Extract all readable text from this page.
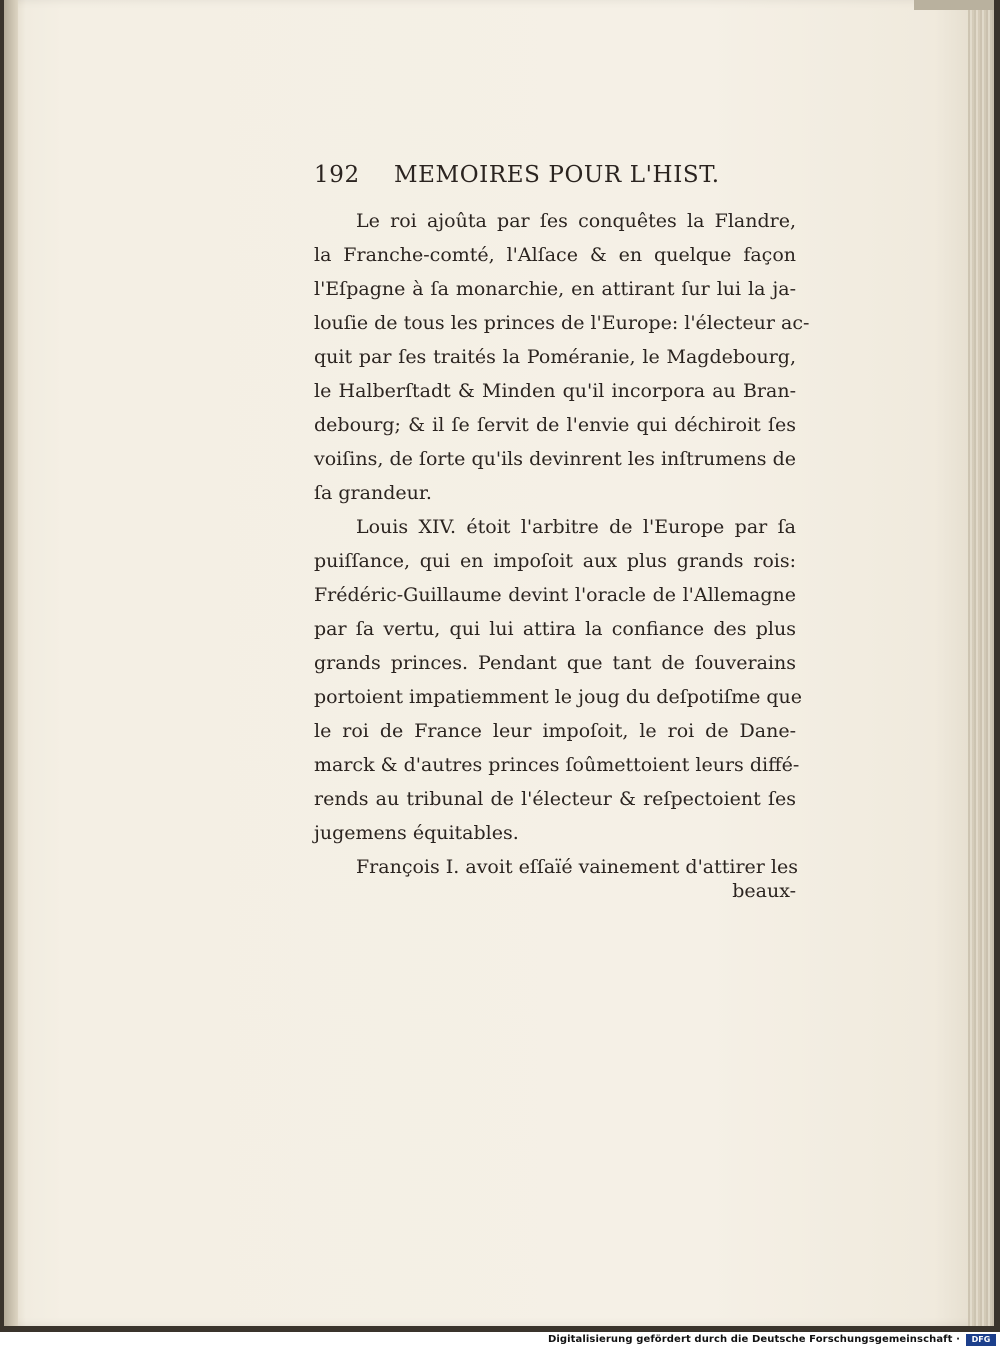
192 MEMOIRES POUR L'HIST.
Le roi ajoûta par ſes conquêtes la Flandre,
la Franche-comté, l'Alſace & en quelque façon
l'Eſpagne à ſa monarchie, en attirant ſur lui la ja-
louſie de tous les princes de l'Europe: l'électeur ac-
quit par ſes traités la Poméranie, le Magdebourg,
le Halberſtadt & Minden qu'il incorpora au Bran-
debourg; & il ſe ſervit de l'envie qui déchiroit ſes
voiſins, de ſorte qu'ils devinrent les inſtrumens de
ſa grandeur.
Louis XIV. étoit l'arbitre de l'Europe par ſa
puiſſance, qui en impoſoit aux plus grands rois:
Frédéric-Guillaume devint l'oracle de l'Allemagne
par ſa vertu, qui lui attira la confiance des plus
grands princes. Pendant que tant de ſouverains
portoient impatiemment le joug du deſpotiſme que
le roi de France leur impoſoit, le roi de Dane-
marck & d'autres princes ſoûmettoient leurs diffé-
rends au tribunal de l'électeur & reſpectoient ſes
jugemens équitables.
François I. avoit eſſaïé vainement d'attirer les
beaux-
Digitalisierung gefördert durch die Deutsche Forschungsgemeinschaft ·	DFG
